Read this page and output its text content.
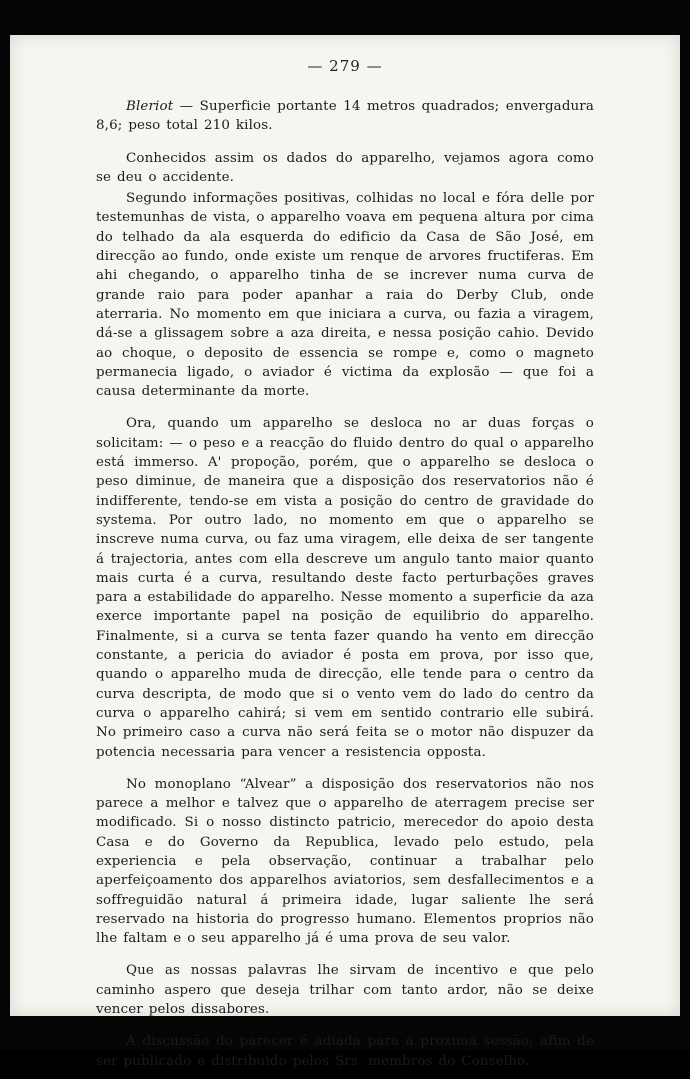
— 279 —

Bleriot — Superficie portante 14 metros quadrados; envergadura 8,6; peso total 210 kilos.

Conhecidos assim os dados do apparelho, vejamos agora como se deu o accidente.

Segundo informações positivas, colhidas no local e fóra delle por testemunhas de vista, o apparelho voava em pequena altura por cima do telhado da ala esquerda do edificio da Casa de São José, em direcção ao fundo, onde existe um renque de arvores fructiferas. Em ahi chegando, o apparelho tinha de se increver numa curva de grande raio para poder apanhar a raia do Derby Club, onde aterraria. No momento em que iniciara a curva, ou fazia a viragem, dá-se a glissagem sobre a aza direita, e nessa posição cahio. Devido ao choque, o deposito de essencia se rompe e, como o magneto permanecia ligado, o aviador é victima da explosão — que foi a causa determinante da morte.

Ora, quando um apparelho se desloca no ar duas forças o solicitam: — o peso e a reacção do fluido dentro do qual o apparelho está immerso. A' propoção, porém, que o apparelho se desloca o peso diminue, de maneira que a disposição dos reservatorios não é indifferente, tendo-se em vista a posição do centro de gravidade do systema. Por outro lado, no momento em que o apparelho se inscreve numa curva, ou faz uma viragem, elle deixa de ser tangente á trajectoria, antes com ella descreve um angulo tanto maior quanto mais curta é a curva, resultando deste facto perturbações graves para a estabilidade do apparelho. Nesse momento a superficie da aza exerce importante papel na posição de equilibrio do apparelho. Finalmente, si a curva se tenta fazer quando ha vento em direcção constante, a pericia do aviador é posta em prova, por isso que, quando o apparelho muda de direcção, elle tende para o centro da curva descripta, de modo que si o vento vem do lado do centro da curva o apparelho cahirá; si vem em sentido contrario elle subirá. No primeiro caso a curva não será feita se o motor não dispuzer da potencia necessaria para vencer a resistencia opposta.

No monoplano “Alvear” a disposição dos reservatorios não nos parece a melhor e talvez que o apparelho de aterragem precise ser modificado. Si o nosso distincto patricio, merecedor do apoio desta Casa e do Governo da Republica, levado pelo estudo, pela experiencia e pela observação, continuar a trabalhar pelo aperfeiçoamento dos apparelhos aviatorios, sem desfallecimentos e a soffreguidão natural á primeira idade, lugar saliente lhe será reservado na historia do progresso humano. Elementos proprios não lhe faltam e o seu apparelho já é uma prova de seu valor.

Que as nossas palavras lhe sirvam de incentivo e que pelo caminho aspero que deseja trilhar com tanto ardor, não se deixe vencer pelos dissabores.

A discussão do parecer é adiada para a proxima sessão, afim de ser publicado e distribuido pelos Srs. membros do Conselho.
